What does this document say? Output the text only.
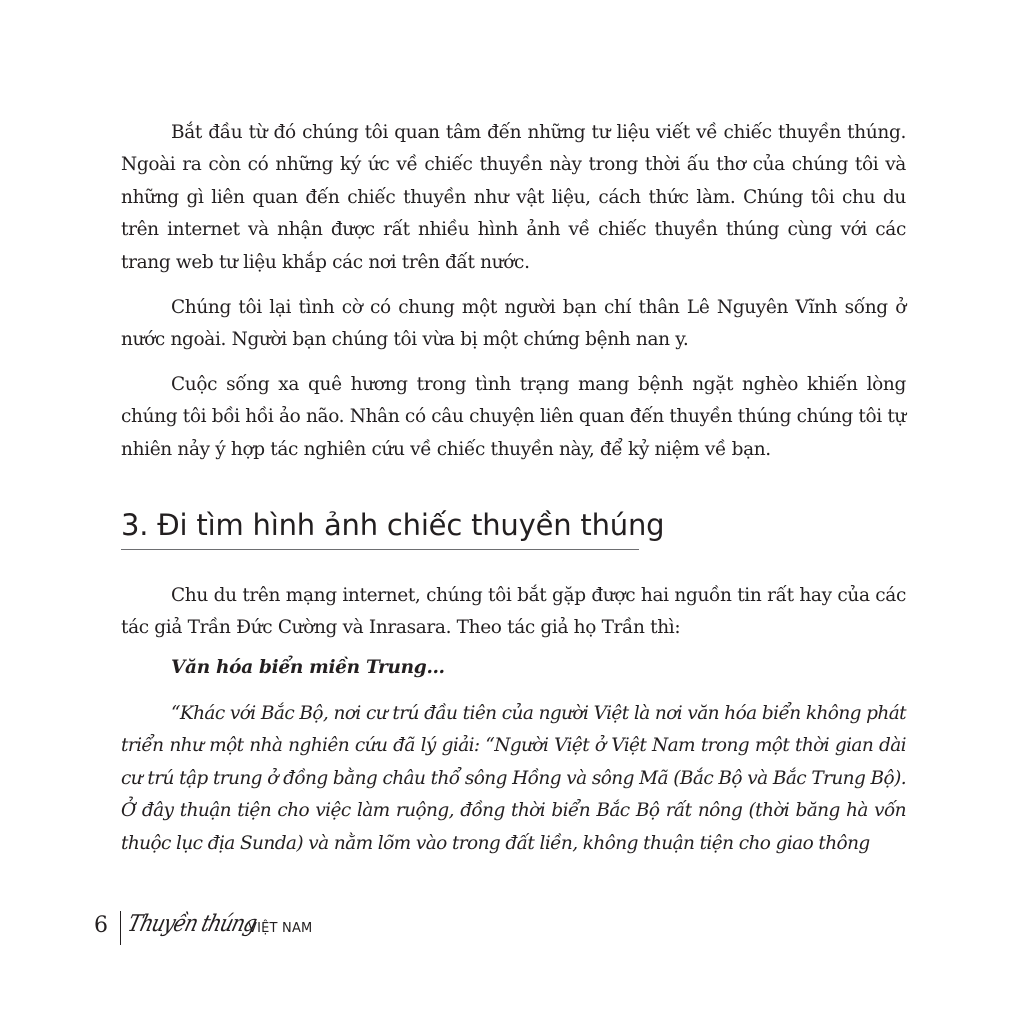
Bắt đầu từ đó chúng tôi quan tâm đến những tư liệu viết về chiếc thuyền thúng. Ngoài ra còn có những ký ức về chiếc thuyền này trong thời ấu thơ của chúng tôi và những gì liên quan đến chiếc thuyền như vật liệu, cách thức làm. Chúng tôi chu du trên internet và nhận được rất nhiều hình ảnh về chiếc thuyền thúng cùng với các trang web tư liệu khắp các nơi trên đất nước.

Chúng tôi lại tình cờ có chung một người bạn chí thân Lê Nguyên Vĩnh sống ở nước ngoài. Người bạn chúng tôi vừa bị một chứng bệnh nan y.

Cuộc sống xa quê hương trong tình trạng mang bệnh ngặt nghèo khiến lòng chúng tôi bồi hồi ảo não. Nhân có câu chuyện liên quan đến thuyền thúng chúng tôi tự nhiên nảy ý hợp tác nghiên cứu về chiếc thuyền này, để kỷ niệm về bạn.

3. Đi tìm hình ảnh chiếc thuyền thúng

Chu du trên mạng internet, chúng tôi bắt gặp được hai nguồn tin rất hay của các tác giả Trần Đức Cường và Inrasara. Theo tác giả họ Trần thì:

Văn hóa biển miền Trung…

“Khác với Bắc Bộ, nơi cư trú đầu tiên của người Việt là nơi văn hóa biển không phát triển như một nhà nghiên cứu đã lý giải: “Người Việt ở Việt Nam trong một thời gian dài cư trú tập trung ở đồng bằng châu thổ sông Hồng và sông Mã (Bắc Bộ và Bắc Trung Bộ). Ở đây thuận tiện cho việc làm ruộng, đồng thời biển Bắc Bộ rất nông (thời băng hà vốn thuộc lục địa Sunda) và nằm lõm vào trong đất liền, không thuận tiện cho giao thông

6 Thuyền thúng
VIỆT NAM
